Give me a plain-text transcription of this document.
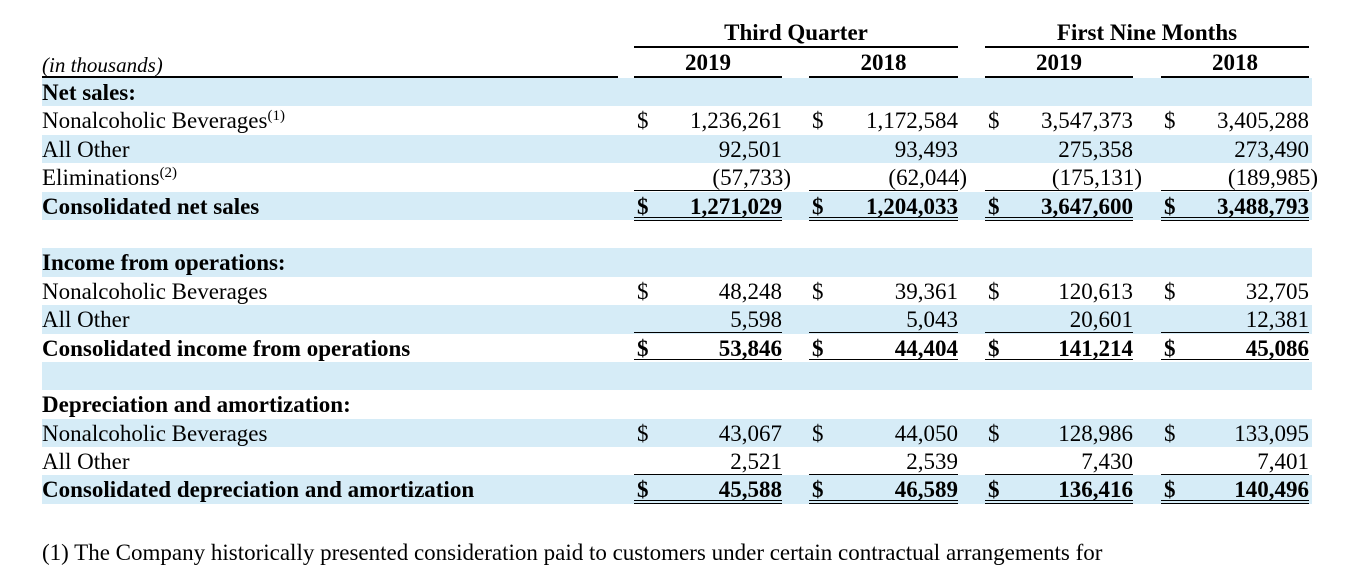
Third Quarter	First Nine Months
(in thousands)	2019	2018	2019	2018
Net sales:
Nonalcoholic Beverages$^{(1)}$	$ 1,236,261 $ 1,172,584 $ 3,547,373 $ 3,405,288
All Other	92,501	93,493	275,358	273,490
Eliminations$^{(2)}$	(57,733)	(62,044)	(175,131)	(189,985)
Consolidated net sales	$ 1,271,029 $ 1,204,033 $ 3,647,600 $ 3,488,793
Income from operations:
Nonalcoholic Beverages	$	48,248 $	39,361 $	120,613 $	32,705
All Other	5,598	5,043	20,601	12,381
Consolidated income from operations	$	53,846 $	44,404 $	141,214 $	45,086
Depreciation and amortization:
Nonalcoholic Beverages	$	43,067 $	44,050 $	128,986 $	133,095
All Other	2,521	2,539	7,430	7,401
Consolidated depreciation and amortization	$	45,588 $	46,589 $	136,416 $	140,496
(1) The Company historically presented consideration paid to customers under certain contractual arrangements for
